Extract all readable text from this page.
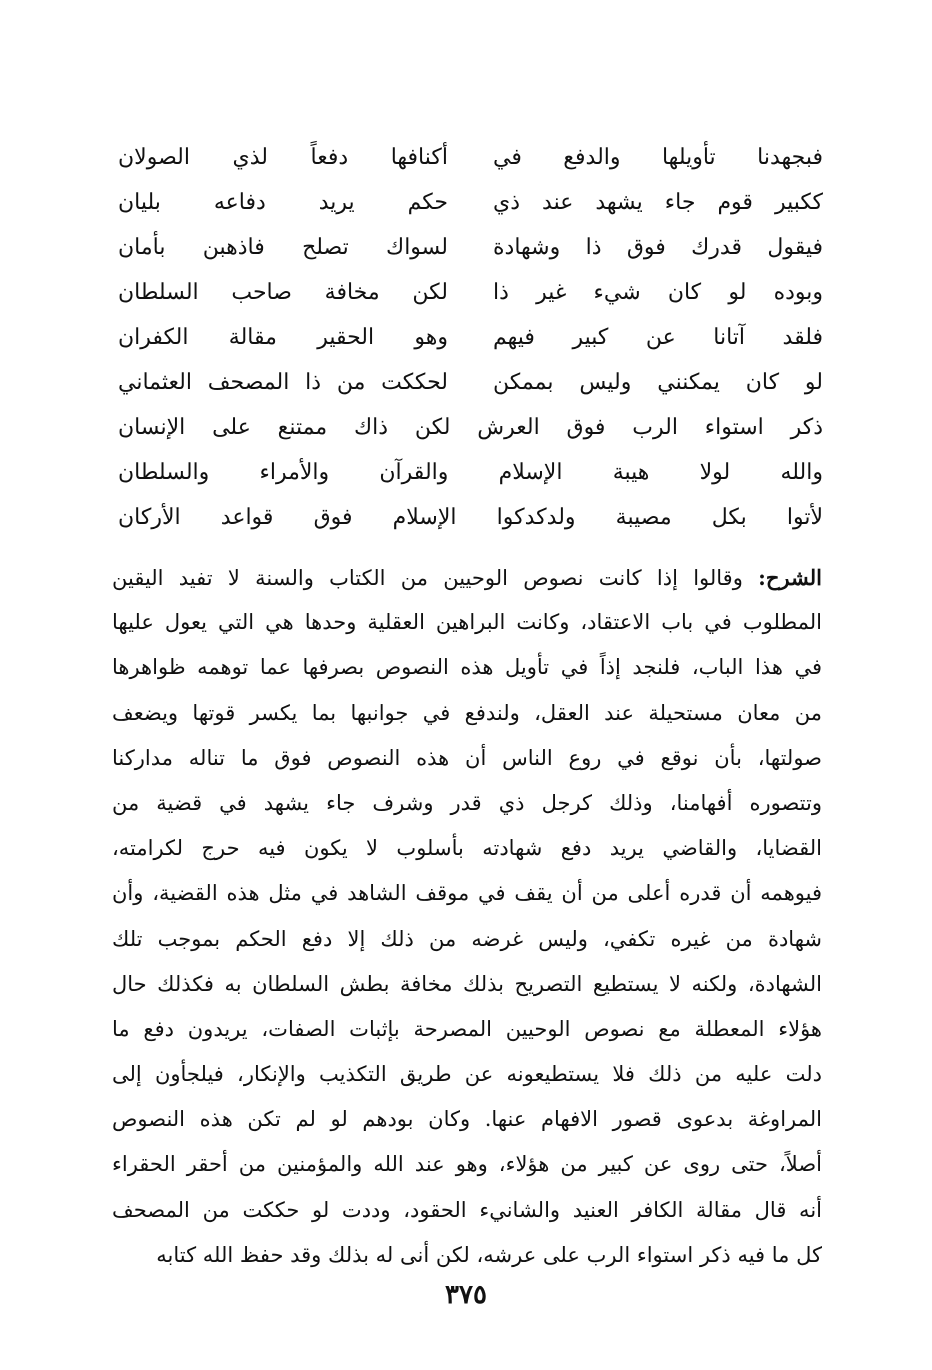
فبجهدنا تأويلها والدفع في
أكنافها دفعاً لذي الصولان
ككبير قوم جاء يشهد عند ذي
حكم يريد دفاعه بليان
فيقول قدرك فوق ذا وشهادة
لسواك تصلح فاذهبن بأمان
وبوده لو كان شيء غير ذا
لكن مخافة صاحب السلطان
فلقد آتانا عن كبير فيهم
وهو الحقير مقالة الكفران
لو كان يمكنني وليس بممكن
لحككت من ذا المصحف العثماني
ذكر استواء الرب فوق العرش لكن ذاك ممتنع على الإنسان
والله لولا هيبة الإسلام والقرآن والأمراء والسلطان
لأتوا بكل مصيبة ولدكدكوا الإسلام فوق قواعد الأركان
الشرح: وقالوا إذا كانت نصوص الوحيين من الكتاب والسنة لا تفيد اليقين
المطلوب في باب الاعتقاد، وكانت البراهين العقلية وحدها هي التي يعول عليها
في هذا الباب، فلنجد إذاً في تأويل هذه النصوص بصرفها عما توهمه ظواهرها
من معان مستحيلة عند العقل، ولندفع في جوانبها بما يكسر قوتها ويضعف
صولتها، بأن نوقع في روع الناس أن هذه النصوص فوق ما تناله مداركنا
وتتصوره أفهامنا، وذلك كرجل ذي قدر وشرف جاء يشهد في قضية من
القضايا، والقاضي يريد دفع شهادته بأسلوب لا يكون فيه حرج لكرامته،
فيوهمه أن قدره أعلى من أن يقف في موقف الشاهد في مثل هذه القضية، وأن
شهادة من غيره تكفي، وليس غرضه من ذلك إلا دفع الحكم بموجب تلك
الشهادة، ولكنه لا يستطيع التصريح بذلك مخافة بطش السلطان به فكذلك حال
هؤلاء المعطلة مع نصوص الوحيين المصرحة بإثبات الصفات، يريدون دفع ما
دلت عليه من ذلك فلا يستطيعونه عن طريق التكذيب والإنكار، فيلجأون إلى
المراوغة بدعوى قصور الافهام عنها. وكان بودهم لو لم تكن هذه النصوص
أصلاً، حتى روى عن كبير من هؤلاء، وهو عند الله والمؤمنين من أحقر الحقراء
أنه قال مقالة الكافر العنيد والشانيء الحقود، وددت لو حككت من المصحف
كل ما فيه ذكر استواء الرب على عرشه، لكن أنى له بذلك وقد حفظ الله كتابه
٣٧٥
